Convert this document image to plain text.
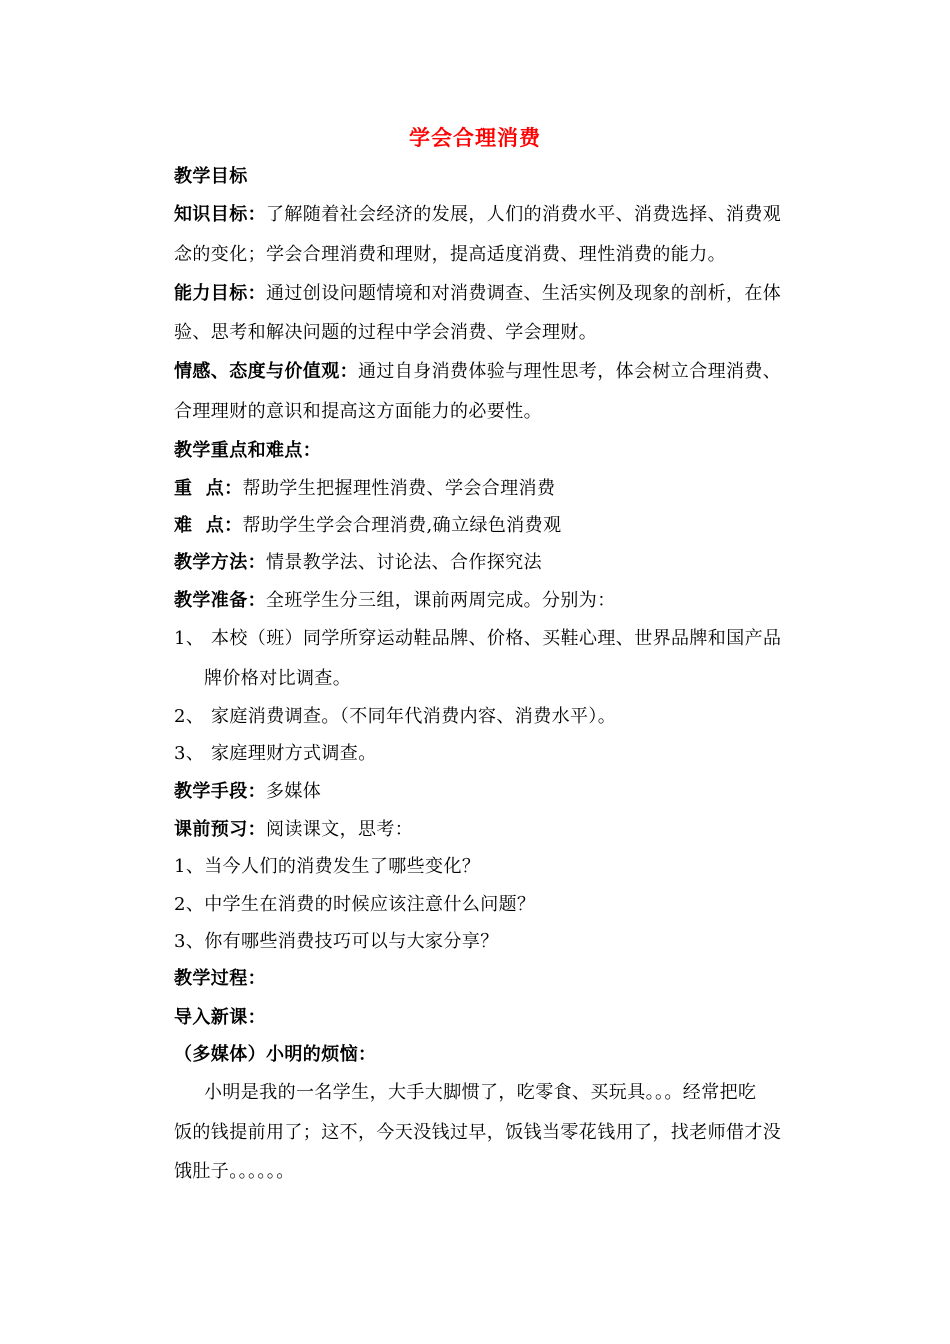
学会合理消费
教学目标
知识目标：了解随着社会经济的发展，人们的消费水平、消费选择、消费观
念的变化；学会合理消费和理财，提高适度消费、理性消费的能力。
能力目标：通过创设问题情境和对消费调查、生活实例及现象的剖析，在体
验、思考和解决问题的过程中学会消费、学会理财。
情感、态度与价值观：通过自身消费体验与理性思考，体会树立合理消费、
合理理财的意识和提高这方面能力的必要性。
教学重点和难点：
重  点：帮助学生把握理性消费、学会合理消费
难  点：帮助学生学会合理消费,确立绿色消费观
教学方法：情景教学法、讨论法、合作探究法
教学准备：全班学生分三组，课前两周完成。分别为：
1、 本校（班）同学所穿运动鞋品牌、价格、买鞋心理、世界品牌和国产品
牌价格对比调查。
2、 家庭消费调查。（不同年代消费内容、消费水平）。
3、 家庭理财方式调查。
教学手段：多媒体
课前预习：阅读课文，思考：
1、当今人们的消费发生了哪些变化？
2、中学生在消费的时候应该注意什么问题？
3、你有哪些消费技巧可以与大家分享？
教学过程：
导入新课：
（多媒体）小明的烦恼：
小明是我的一名学生，大手大脚惯了，吃零食、买玩具。。。经常把吃
饭的钱提前用了；这不，今天没钱过早，饭钱当零花钱用了，找老师借才没
饿肚子。。。。。。
